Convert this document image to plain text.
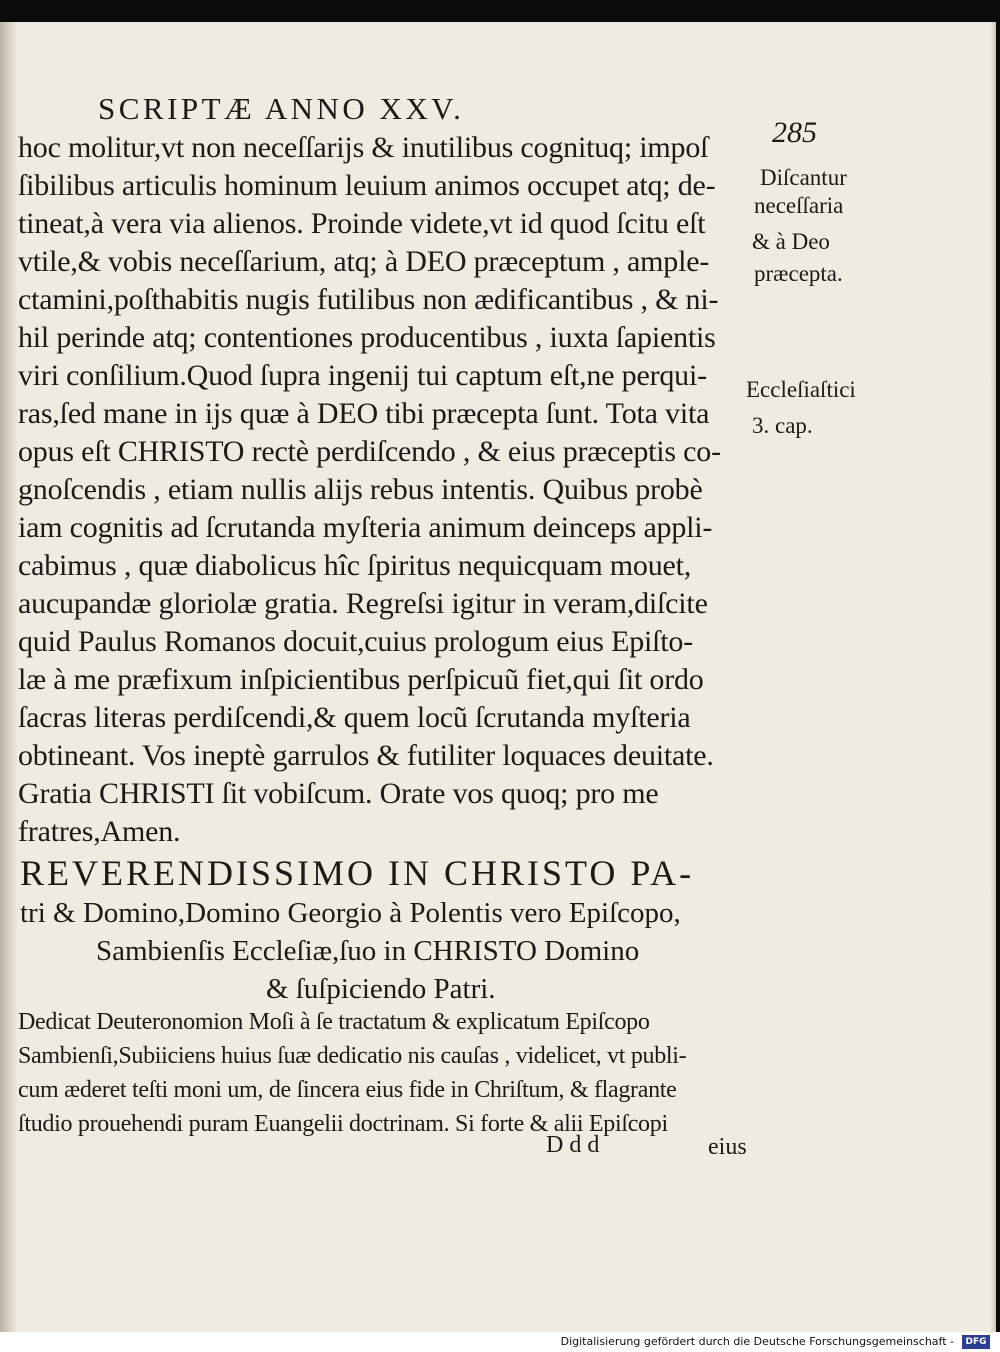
SCRIPTÆ ANNO XXV.
285
Diſcantur
neceſſaria
& à Deo
præcepta.
Eccleſiaſtici
3. cap.
hoc molitur,vt non neceſſarijs & inutilibus cognituq; impoſ
ſibilibus articulis hominum leuium animos occupet atq; de-
tineat,à vera via alienos. Proinde videte,vt id quod ſcitu eſt
vtile,& vobis neceſſarium, atq; à DEO præceptum , ample-
ctamini,poſthabitis nugis futilibus non ædificantibus , & ni-
hil perinde atq; contentiones producentibus , iuxta ſapientis
viri conſilium.Quod ſupra ingenij tui captum eſt,ne perqui-
ras,ſed mane in ijs quæ à DEO tibi præcepta ſunt. Tota vita
opus eſt CHRISTO rectè perdiſcendo , & eius præceptis co-
gnoſcendis , etiam nullis alijs rebus intentis. Quibus probè
iam cognitis ad ſcrutanda myſteria animum deinceps appli-
cabimus , quæ diabolicus hîc ſpiritus nequicquam mouet,
aucupandæ gloriolæ gratia. Regreſsi igitur in veram,diſcite
quid Paulus Romanos docuit,cuius prologum eius Epiſto-
læ à me præfixum inſpicientibus perſpicuũ fiet,qui ſit ordo
ſacras literas perdiſcendi,& quem locũ ſcrutanda myſteria
obtineant. Vos ineptè garrulos & futiliter loquaces deuitate.
Gratia CHRISTI ſit vobiſcum. Orate vos quoq; pro me
fratres,Amen.
REVERENDISSIMO IN CHRISTO PA-
tri & Domino,Domino Georgio à Polentis vero Epiſcopo,
Sambienſis Eccleſiæ,ſuo in CHRISTO Domino
& ſuſpiciendo Patri.
Dedicat Deuteronomion Moſi à ſe tractatum & explicatum Epiſcopo
Sambienſi,Subiiciens huius ſuæ dedicatio nis cauſas , videlicet, vt publi-
cum æderet teſti moni um, de ſincera eius fide in Chriſtum, & flagrante
ſtudio prouehendi puram Euangelii doctrinam. Si forte & alii Epiſcopi
D d d	eius
Digitalisierung gefördert durch die Deutsche Forschungsgemeinschaft -	DFG
